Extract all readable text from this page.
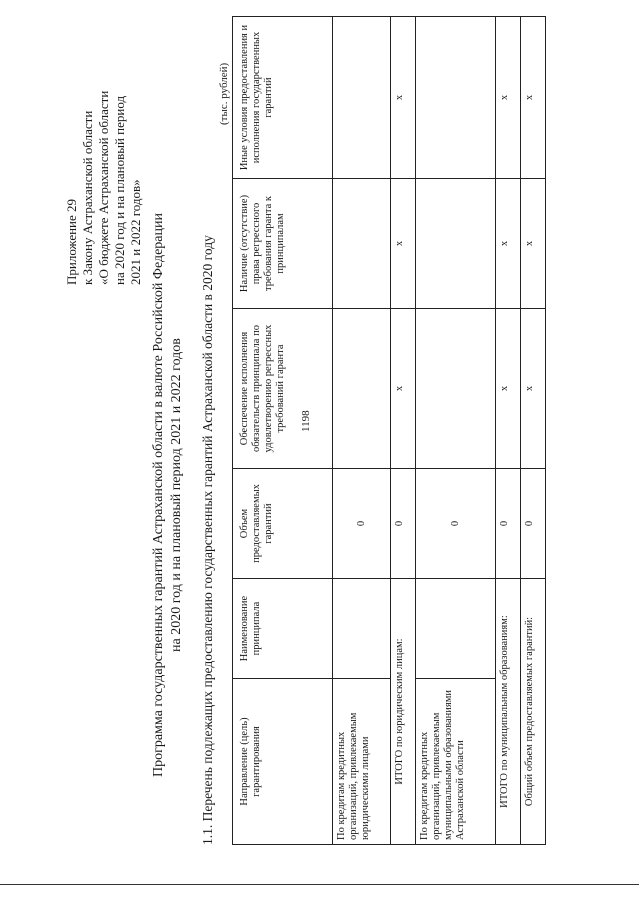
1198
Приложение 29 к Закону Астраханской области «О бюджете Астраханской области на 2020 год и на плановый период 2021 и 2022 годов» Программа государственных гарантий Астраханской области в валюте Российской Федерации на 2020 год и на плановый период 2021 и 2022 годов 1.1. Перечень подлежащих предоставлению государственных гарантий Астраханской области в 2020 году
(тыс. рублей)
Направление (цель) гарантирования	Наименование принципала	Объем предоставляемых гарантий	Обеспечение исполнения обязательств принципала по удовлетворению регрессных требований гаранта	Наличие (отсутствие) права регрессного требования гаранта к принципалам	Иные условия предоставления и исполнения государственных гарантий
По кредитам кредитных организаций, привлекаемым юридическими лицами		0			
ИТОГО по юридическим лицам:		0	х	х	х
По кредитам кредитных организаций, привлекаемым муниципальными образованиями Астраханской области		0			
ИТОГО по муниципальным образованиям:		0	х	х	х
Общий объем предоставляемых гарантий:		0	х	х	х
